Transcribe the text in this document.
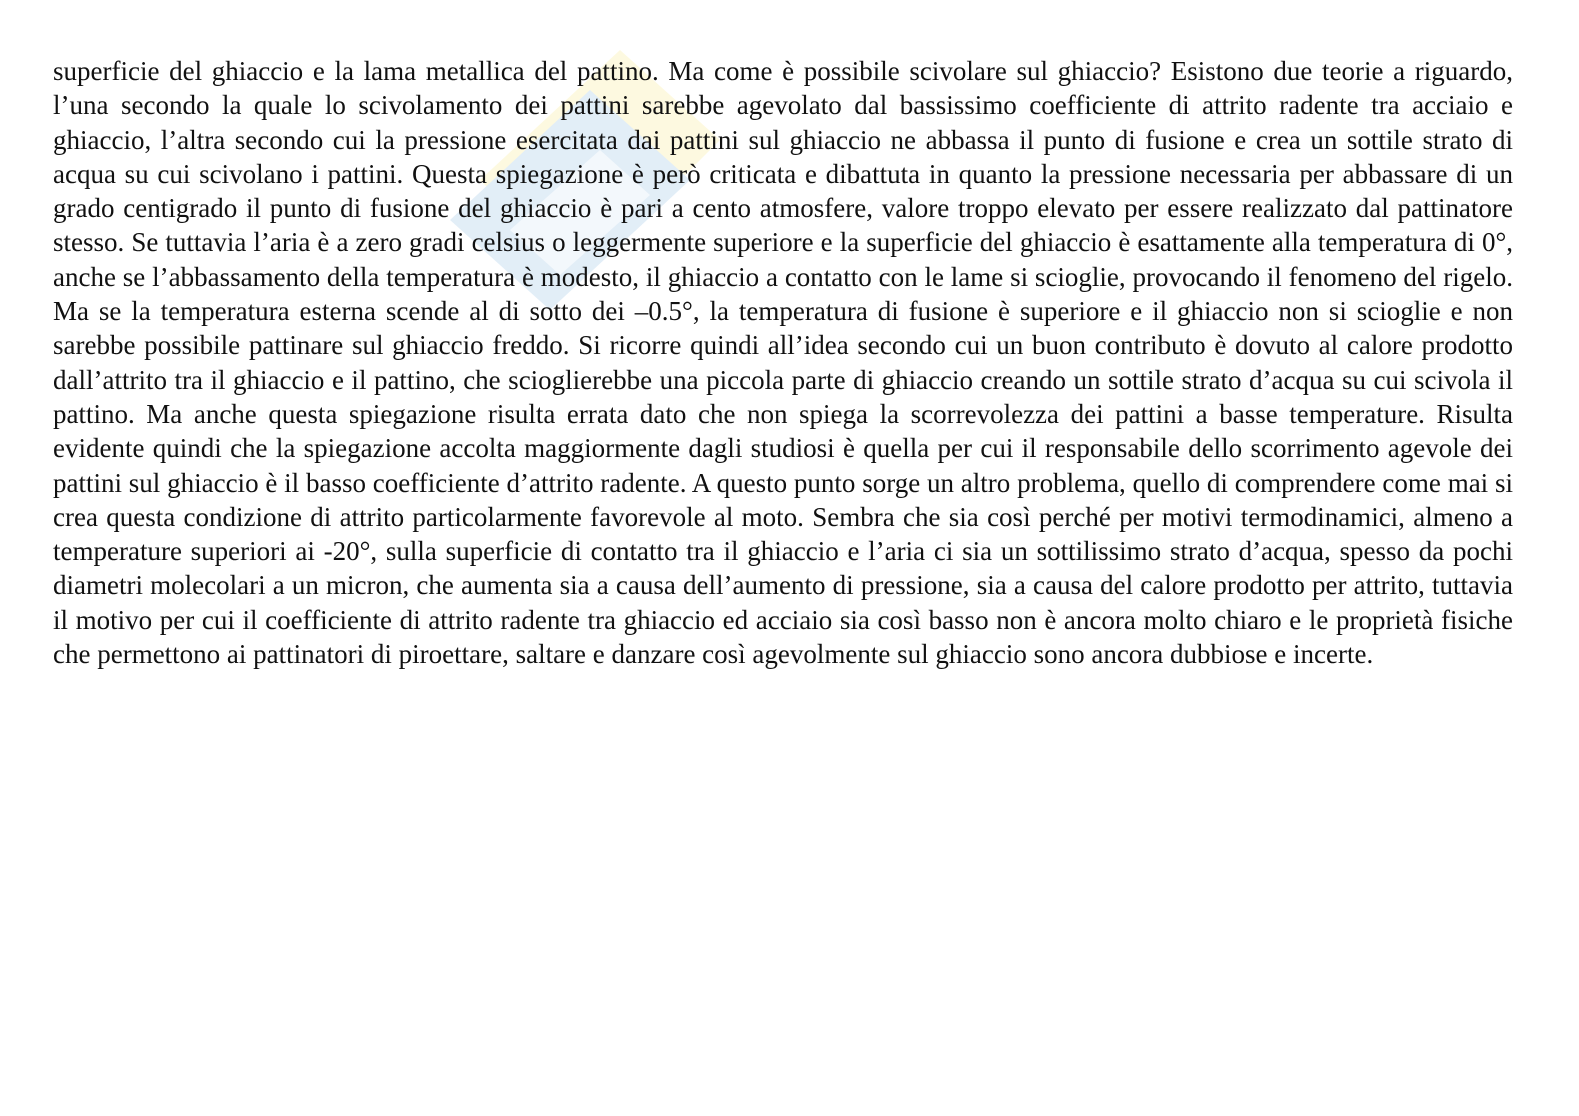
superficie del ghiaccio e la lama metallica del pattino. Ma come è possibile scivolare sul ghiaccio? Esistono due teorie a riguardo, l’una secondo la quale lo scivolamento dei pattini sarebbe agevolato dal bassissimo coefficiente di attrito radente tra acciaio e ghiaccio, l’altra secondo cui la pressione esercitata dai pattini sul ghiaccio ne abbassa il punto di fusione e crea un sottile strato di acqua su cui scivolano i pattini. Questa spiegazione è però criticata e dibattuta in quanto la pressione necessaria per abbassare di un grado centigrado il punto di fusione del ghiaccio è pari a cento atmosfere, valore troppo elevato per essere realizzato dal pattinatore stesso. Se tuttavia l’aria è a zero gradi celsius o leggermente superiore e la superficie del ghiaccio è esattamente alla temperatura di 0°, anche se l’abbassamento della temperatura è modesto, il ghiaccio a contatto con le lame si scioglie, provocando il fenomeno del rigelo. Ma se la temperatura esterna scende al di sotto dei –0.5°, la temperatura di fusione è superiore e il ghiaccio non si scioglie e non sarebbe possibile pattinare sul ghiaccio freddo. Si ricorre quindi all’idea secondo cui un buon contributo è dovuto al calore prodotto dall’attrito tra il ghiaccio e il pattino, che scioglierebbe una piccola parte di ghiaccio creando un sottile strato d’acqua su cui scivola il pattino. Ma anche questa spiegazione risulta errata dato che non spiega la scorrevolezza dei pattini a basse temperature. Risulta evidente quindi che la spiegazione accolta maggiormente dagli studiosi è quella per cui il responsabile dello scorrimento agevole dei pattini sul ghiaccio è il basso coefficiente d’attrito radente. A questo punto sorge un altro problema, quello di comprendere come mai si crea questa condizione di attrito particolarmente favorevole al moto. Sembra che sia così perché per motivi termodinamici, almeno a temperature superiori ai -20°, sulla superficie di contatto tra il ghiaccio e l’aria ci sia un sottilissimo strato d’acqua, spesso da pochi diametri molecolari a un micron, che aumenta sia a causa dell’aumento di pressione, sia a causa del calore prodotto per attrito, tuttavia il motivo per cui il coefficiente di attrito radente tra ghiaccio ed acciaio sia così basso non è ancora molto chiaro e le proprietà fisiche che permettono ai pattinatori di piroettare, saltare e danzare così agevolmente sul ghiaccio sono ancora dubbiose e incerte.
